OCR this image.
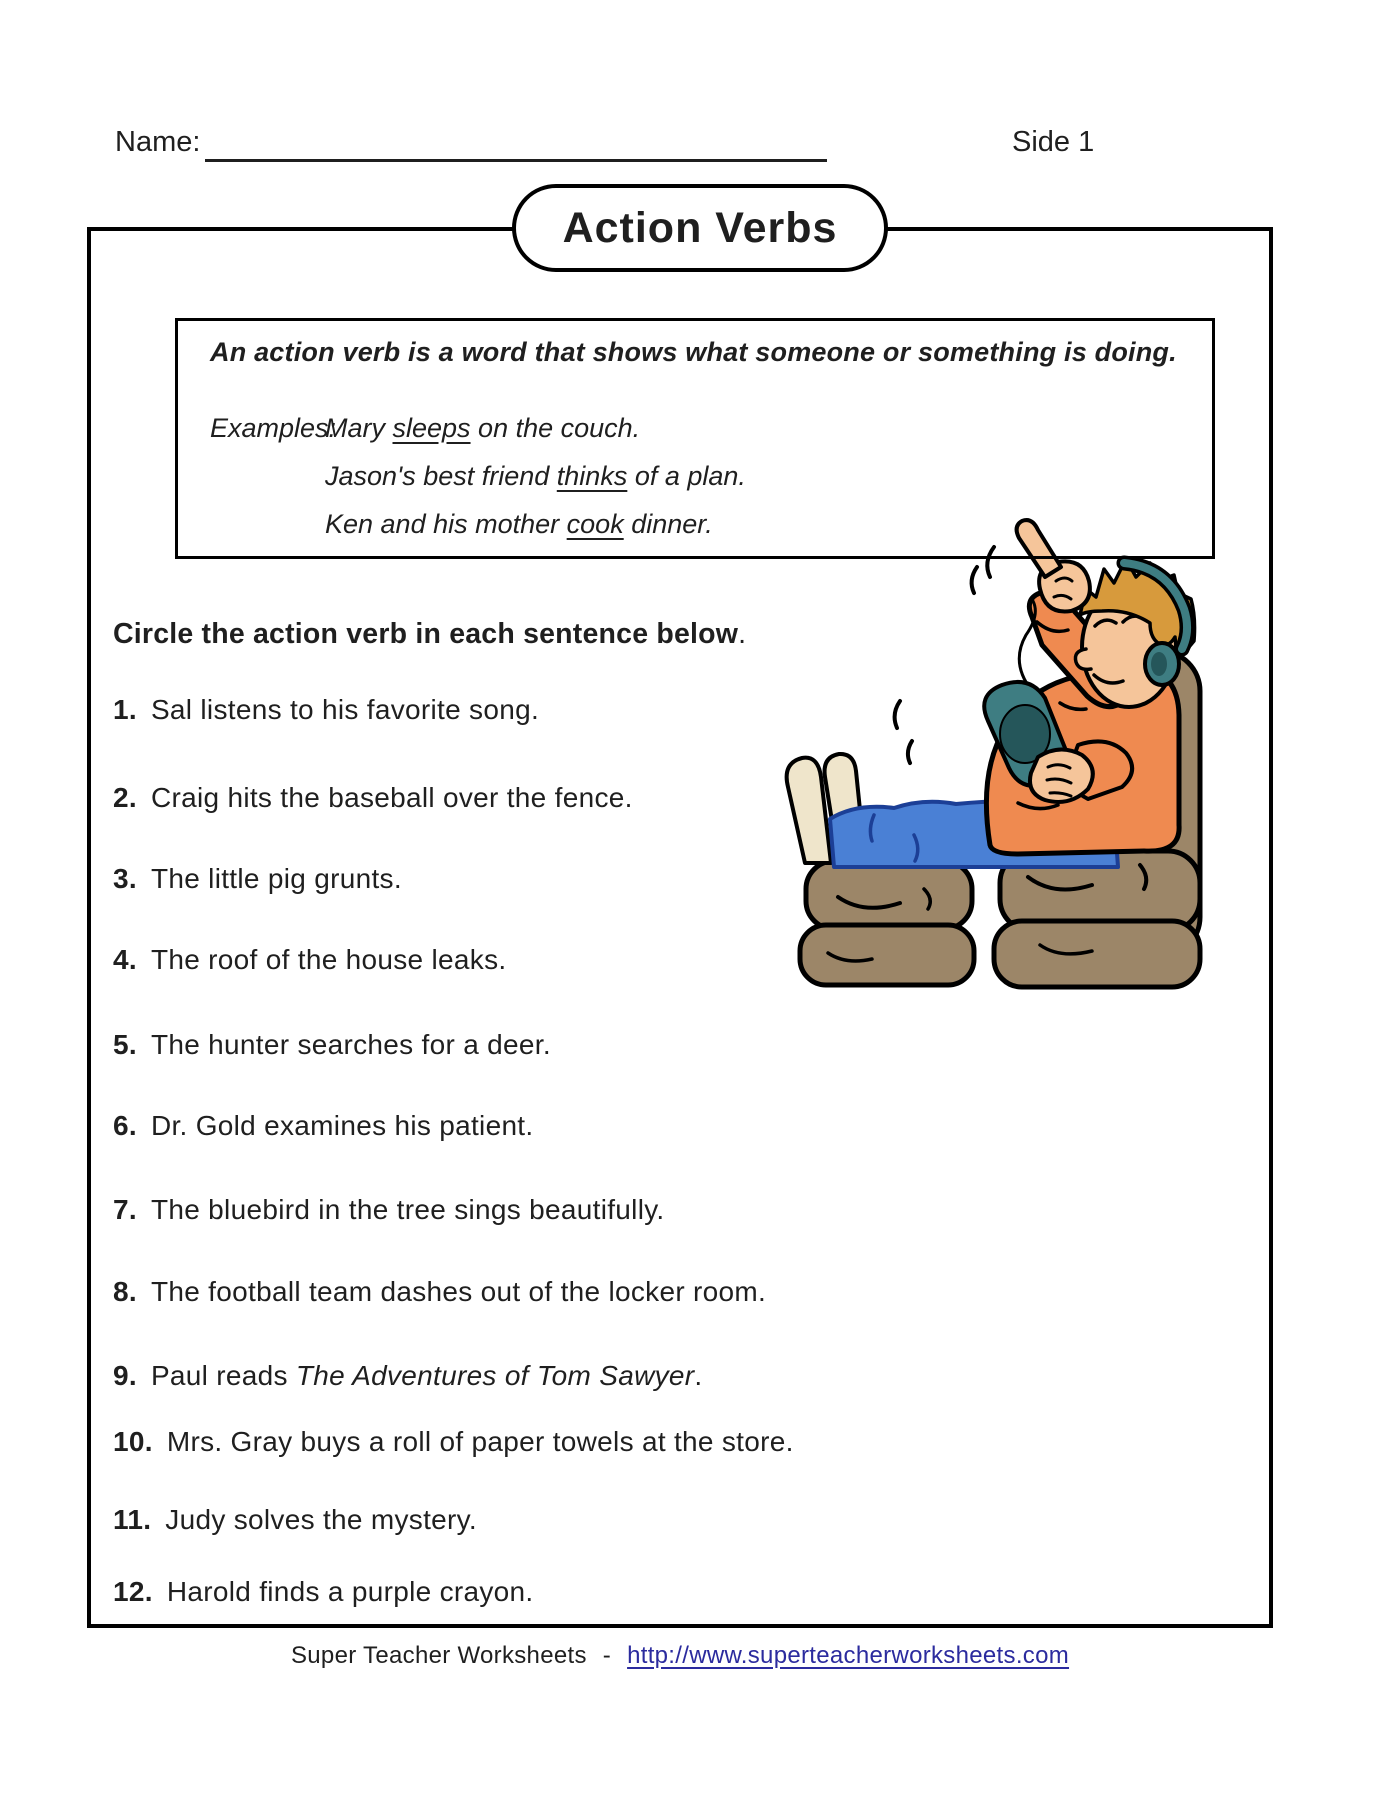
Name:	Side 1
Action Verbs
An action verb is a word that shows what someone or something is doing.
Examples:
Mary sleeps on the couch.
Jason's best friend thinks of a plan.
Ken and his mother cook dinner.
Circle the action verb in each sentence below.
1. Sal listens to his favorite song.
2. Craig hits the baseball over the fence.
3. The little pig grunts.
4. The roof of the house leaks.
5. The hunter searches for a deer.
6. Dr. Gold examines his patient.
7. The bluebird in the tree sings beautifully.
8. The football team dashes out of the locker room.
9. Paul reads The Adventures of Tom Sawyer.
10. Mrs. Gray buys a roll of paper towels at the store.
11. Judy solves the mystery.
12. Harold finds a purple crayon.
Super Teacher Worksheets - http://www.superteacherworksheets.com
